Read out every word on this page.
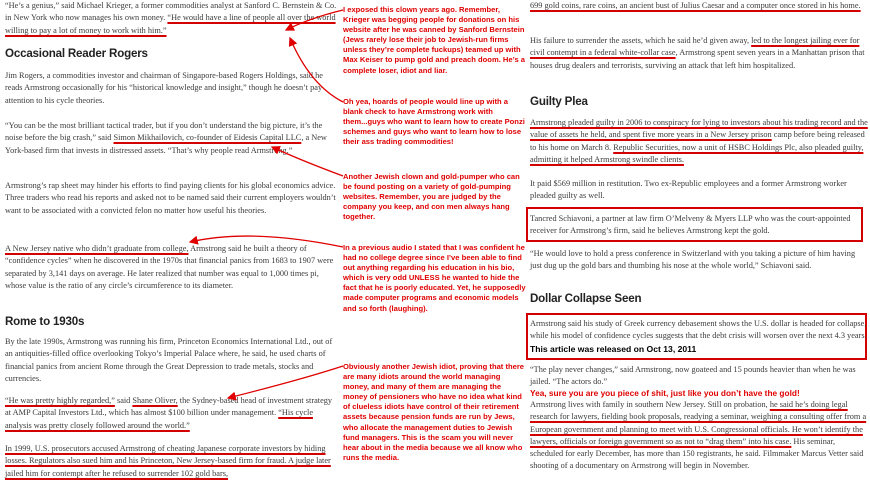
“He’s a genius,” said Michael Krieger, a former commodities analyst at Sanford C. Bernstein & Co. in New York who now manages his own money. “He would have a line of people all over the world willing to pay a lot of money to work with him.”

Occasional Reader Rogers

Jim Rogers, a commodities investor and chairman of Singapore-based Rogers Holdings, said he reads Armstrong occasionally for his “historical knowledge and insight,” though he doesn’t pay attention to his cycle theories.

“You can be the most brilliant tactical trader, but if you don’t understand the big picture, it’s the noise before the big crash,” said Simon Mikhailovich, co-founder of Eidesis Capital LLC, a New York-based firm that invests in distressed assets. “That’s why people read Armstrong.”

Armstrong’s rap sheet may hinder his efforts to find paying clients for his global economics advice. Three traders who read his reports and asked not to be named said their current employers wouldn’t want to be associated with a convicted felon no matter how useful his theories.

A New Jersey native who didn’t graduate from college, Armstrong said he built a theory of “confidence cycles” when he discovered in the 1970s that financial panics from 1683 to 1907 were separated by 3,141 days on average. He later realized that number was equal to 1,000 times pi, whose value is the ratio of any circle’s circumference to its diameter.

Rome to 1930s

By the late 1990s, Armstrong was running his firm, Princeton Economics International Ltd., out of an antiquities-filled office overlooking Tokyo’s Imperial Palace where, he said, he used charts of financial panics from ancient Rome through the Great Depression to trade metals, stocks and currencies.

“He was pretty highly regarded,” said Shane Oliver, the Sydney-based head of investment strategy at AMP Capital Investors Ltd., which has almost $100 billion under management. “His cycle analysis was pretty closely followed around the world.”

In 1999, U.S. prosecutors accused Armstrong of cheating Japanese corporate investors by hiding losses. Regulators also sued him and his Princeton, New Jersey-based firm for fraud. A judge later jailed him for contempt after he refused to surrender 102 gold bars,

I exposed this clown years ago. Remember, Krieger was begging people for donations on his website after he was canned by Sanford Bernstein (Jews rarely lose their job to Jewish-run firms unless they’re complete fuckups) teamed up with Max Keiser to pump gold and preach doom. He’s a complete loser, idiot and liar.

Oh yea, hoards of people would line up with a blank check to have Armstrong work with them...guys who want to learn how to create Ponzi schemes and guys who want to learn how to lose their ass trading commodities!

Another Jewish clown and gold-pumper who can be found posting on a variety of gold-pumping websites. Remember, you are judged by the company you keep, and con men always hang together.

In a previous audio I stated that I was confident he had no college degree since I’ve been able to find out anything regarding his education in his bio, which is very odd UNLESS he wanted to hide the fact that he is poorly educated. Yet, he supposedly made computer programs and economic models and so forth (laughing).

Obviously another Jewish idiot, proving that there are many idiots around the world managing money, and many of them are managing the money of pensioners who have no idea what kind of clueless idiots have control of their retirement assets because pension funds are run by Jews, who allocate the management duties to Jewish fund managers. This is the scam you will never hear about in the media because we all know who runs the media.

699 gold coins, rare coins, an ancient bust of Julius Caesar and a computer once stored in his home.

His failure to surrender the assets, which he said he’d given away, led to the longest jailing ever for civil contempt in a federal white-collar case, Armstrong spent seven years in a Manhattan prison that houses drug dealers and terrorists, surviving an attack that left him hospitalized.

Guilty Plea

Armstrong pleaded guilty in 2006 to conspiracy for lying to investors about his trading record and the value of assets he held, and spent five more years in a New Jersey prison camp before being released to his home on March 8. Republic Securities, now a unit of HSBC Holdings Plc, also pleaded guilty, admitting it helped Armstrong swindle clients.

It paid $569 million in restitution. Two ex-Republic employees and a former Armstrong worker pleaded guilty as well.

Tancred Schiavoni, a partner at law firm O’Melveny & Myers LLP who was the court-appointed receiver for Armstrong’s firm, said he believes Armstrong kept the gold.

“He would love to hold a press conference in Switzerland with you taking a picture of him having just dug up the gold bars and thumbing his nose at the whole world,” Schiavoni said.

Dollar Collapse Seen

Armstrong said his study of Greek currency debasement shows the U.S. dollar is headed for collapse, while his model of confidence cycles suggests that the debt crisis will worsen over the next 4.3 years. This article was released on Oct 13, 2011

“The play never changes,” said Armstrong, now goateed and 15 pounds heavier than when he was jailed. “The actors do.”

Yea, sure you are you piece of shit, just like you don’t have the gold!

Armstrong lives with family in southern New Jersey. Still on probation, he said he’s doing legal research for lawyers, fielding book proposals, readying a seminar, weighing a consulting offer from a European government and planning to meet with U.S. Congressional officials. He won’t identify the lawyers, officials or foreign government so as not to “drag them” into his case. His seminar, scheduled for early December, has more than 150 registrants, he said. Filmmaker Marcus Vetter said shooting of a documentary on Armstrong will begin in November.
